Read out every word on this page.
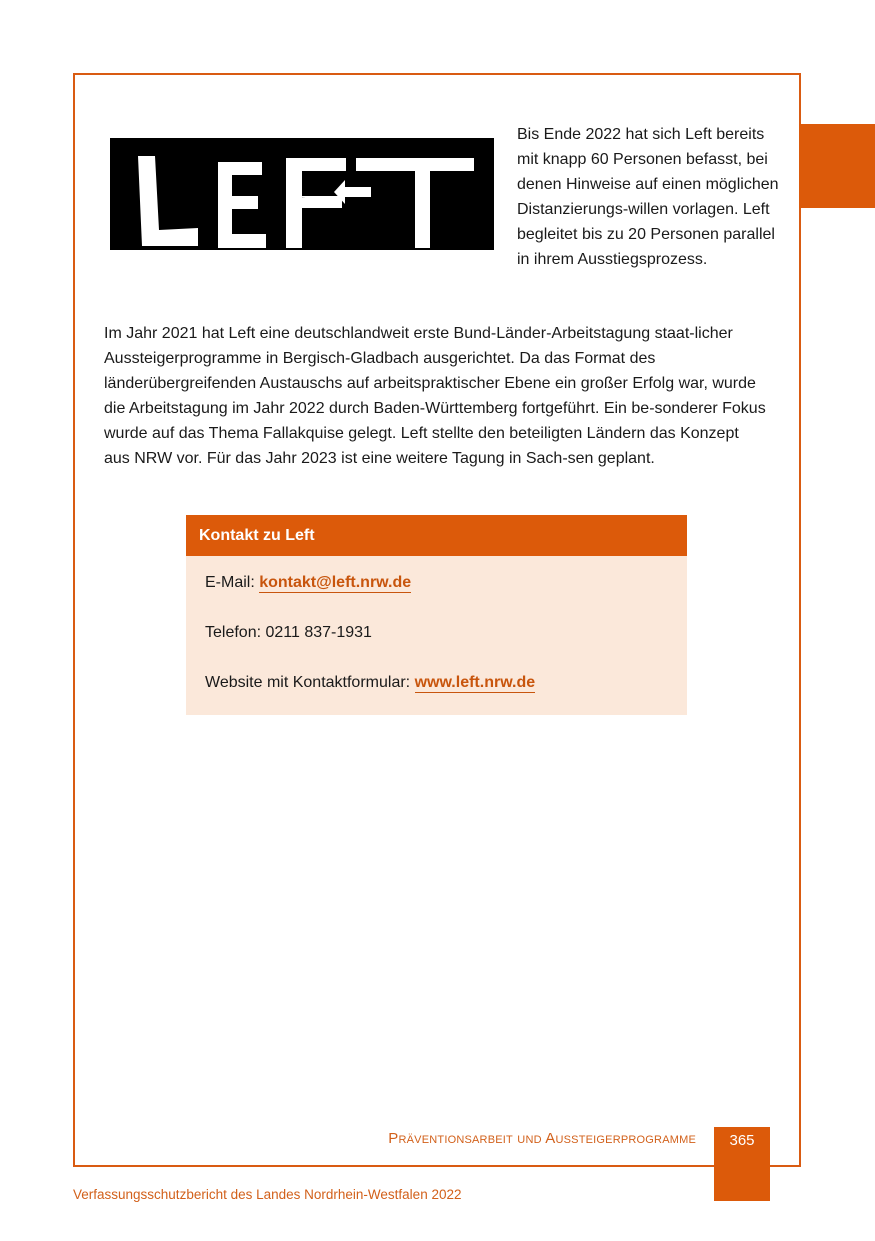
LEFT

Bis Ende 2022 hat sich Left bereits mit knapp 60 Personen befasst, bei denen Hinweise auf einen möglichen Distanzierungs-willen vorlagen. Left begleitet bis zu 20 Personen parallel in ihrem Ausstiegsprozess.

Im Jahr 2021 hat Left eine deutschlandweit erste Bund-Länder-Arbeitstagung staat-licher Aussteigerprogramme in Bergisch-Gladbach ausgerichtet. Da das Format des länderübergreifenden Austauschs auf arbeitspraktischer Ebene ein großer Erfolg war, wurde die Arbeitstagung im Jahr 2022 durch Baden-Württemberg fortgeführt. Ein be-sonderer Fokus wurde auf das Thema Fallakquise gelegt. Left stellte den beteiligten Ländern das Konzept aus NRW vor. Für das Jahr 2023 ist eine weitere Tagung in Sach-sen geplant.

Kontakt zu Left

E-Mail: kontakt@left.nrw.de

Telefon: 0211 837-1931

Website mit Kontaktformular: www.left.nrw.de

Präventionsarbeit und Aussteigerprogramme	365
Verfassungsschutzbericht des Landes Nordrhein-Westfalen 2022
